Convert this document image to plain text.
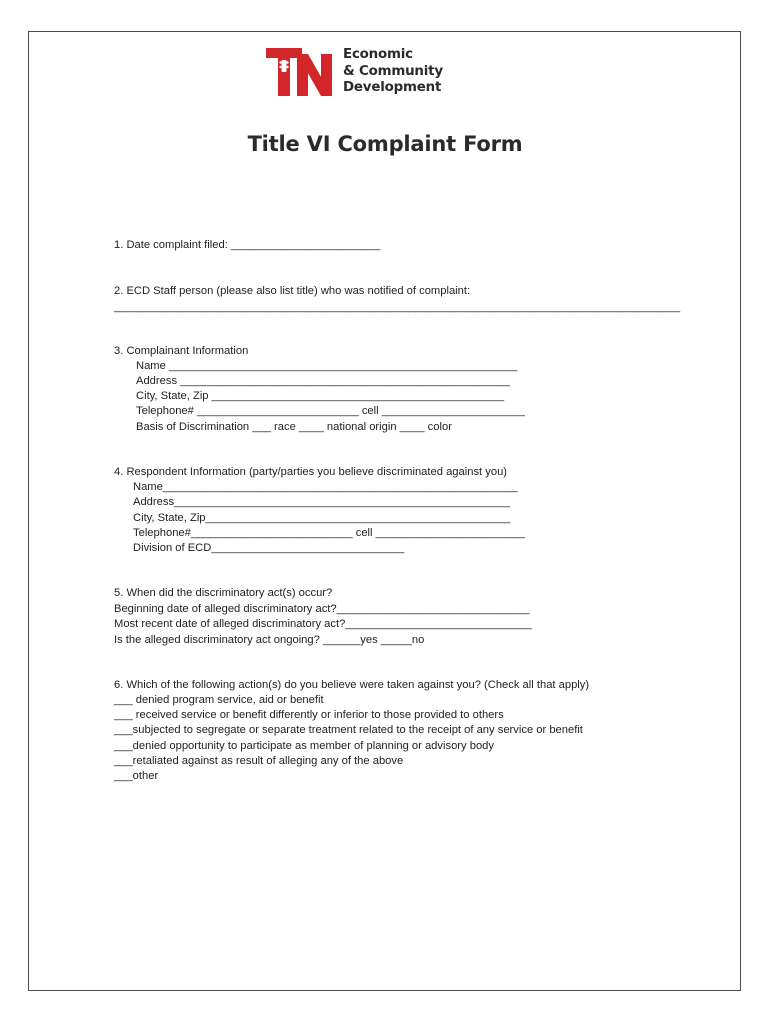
Economic
& Community
Development
Title VI Complaint Form
1. Date complaint filed: ________________________
2. ECD Staff person (please also list title) who was notified of complaint:
__________________________________________________________________________________________________
3. Complainant Information
Name ________________________________________________________
Address _____________________________________________________
City, State, Zip _______________________________________________
Telephone# __________________________ cell _______________________
Basis of Discrimination ___ race ____ national origin ____ color
4. Respondent Information (party/parties you believe discriminated against you)
Name_________________________________________________________
Address______________________________________________________
City, State, Zip_________________________________________________
Telephone#__________________________ cell ________________________
Division of ECD_______________________________
5. When did the discriminatory act(s) occur?
Beginning date of alleged discriminatory act?_______________________________
Most recent date of alleged discriminatory act?______________________________
Is the alleged discriminatory act ongoing? ______yes _____no
6. Which of the following action(s) do you believe were taken against you? (Check all that apply)
___ denied program service, aid or benefit
___ received service or benefit differently or inferior to those provided to others
___subjected to segregate or separate treatment related to the receipt of any service or benefit
___denied opportunity to participate as member of planning or advisory body
___retaliated against as result of alleging any of the above
___other
